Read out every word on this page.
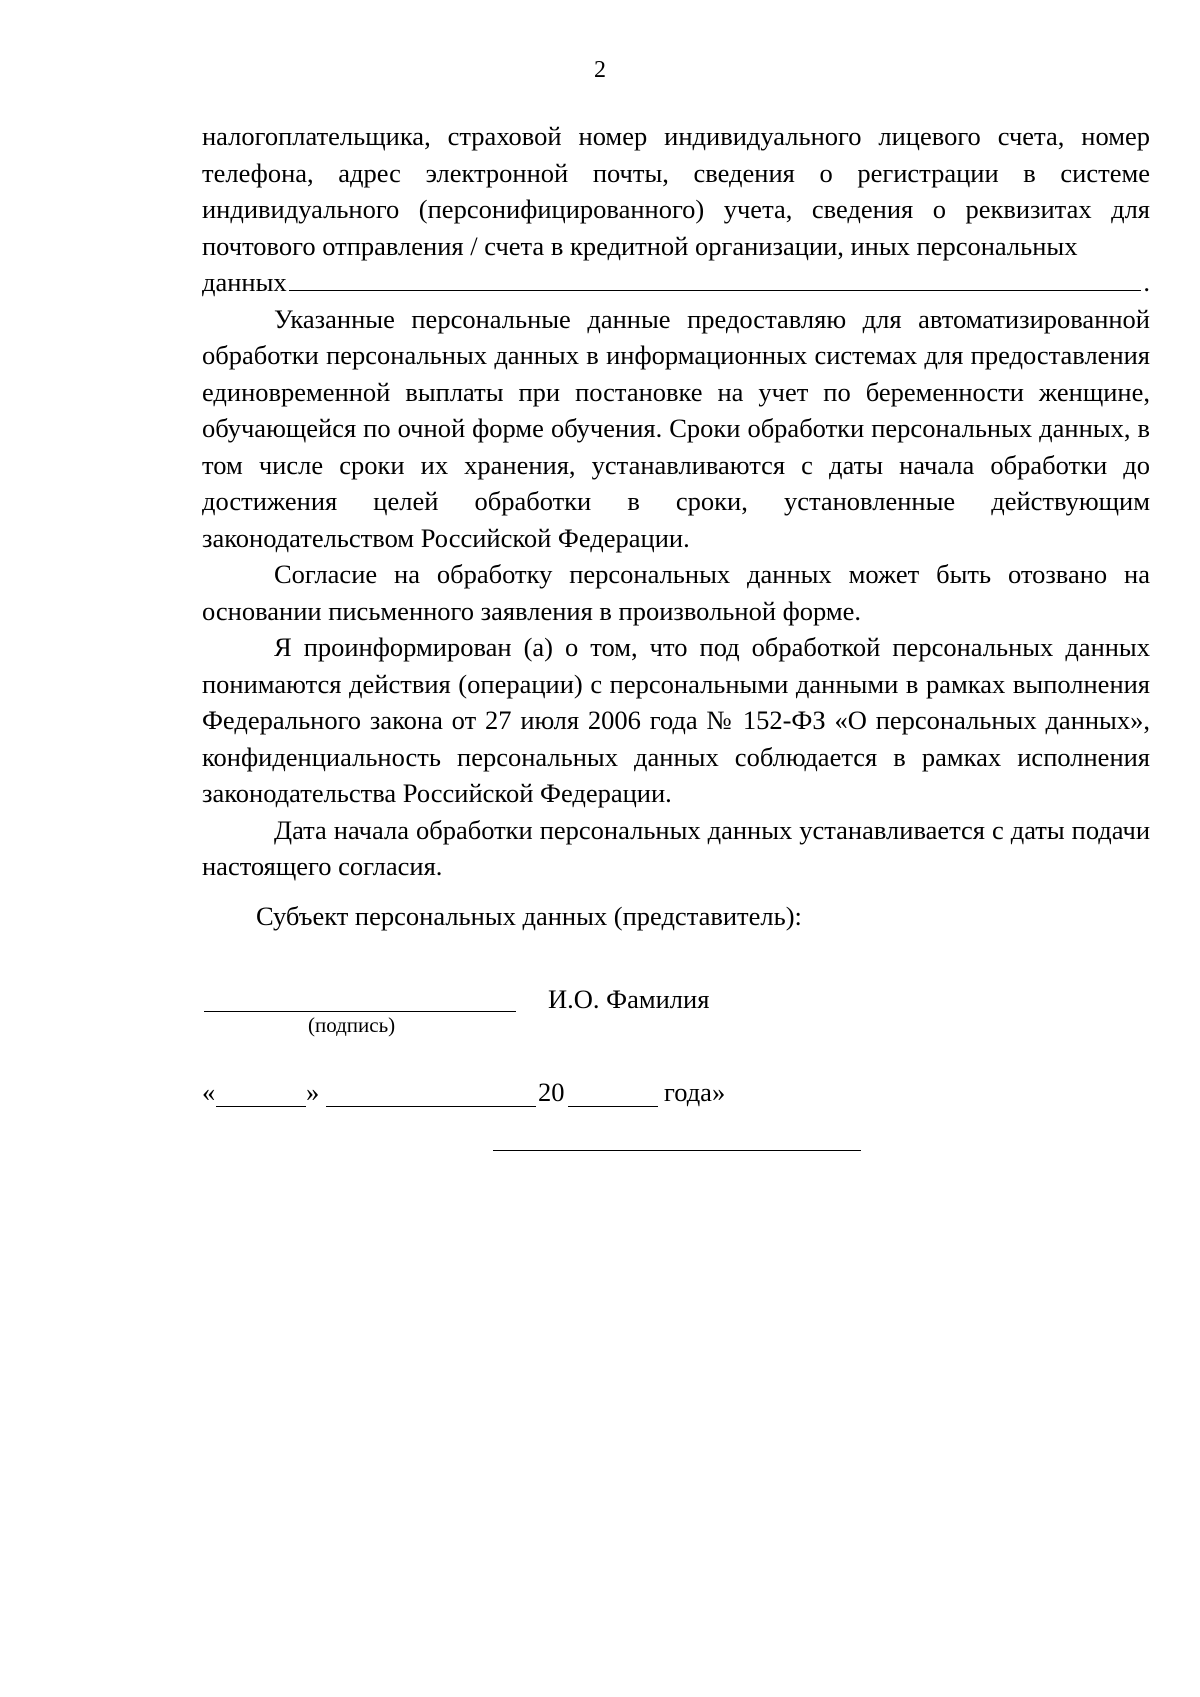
2

налогоплательщика, страховой номер индивидуального лицевого счета, номер телефона, адрес электронной почты, сведения о регистрации в системе индивидуального (персонифицированного) учета, сведения о реквизитах для почтового отправления / счета в кредитной организации, иных персональных

данных	.

Указанные персональные данные предоставляю для автоматизированной обработки персональных данных в информационных системах для предоставления единовременной выплаты при постановке на учет по беременности женщине, обучающейся по очной форме обучения. Сроки обработки персональных данных, в том числе сроки их хранения, устанавливаются с даты начала обработки до достижения целей обработки в сроки, установленные действующим законодательством Российской Федерации.

Согласие на обработку персональных данных может быть отозвано на основании письменного заявления в произвольной форме.

Я проинформирован (а) о том, что под обработкой персональных данных понимаются действия (операции) с персональными данными в рамках выполнения Федерального закона от 27 июля 2006 года № 152-ФЗ «О персональных данных», конфиденциальность персональных данных соблюдается в рамках исполнения законодательства Российской Федерации.

Дата начала обработки персональных данных устанавливается с даты подачи настоящего согласия.

Субъект персональных данных (представитель):
И.О. Фамилия
(подпись)
«	»	20	года»
